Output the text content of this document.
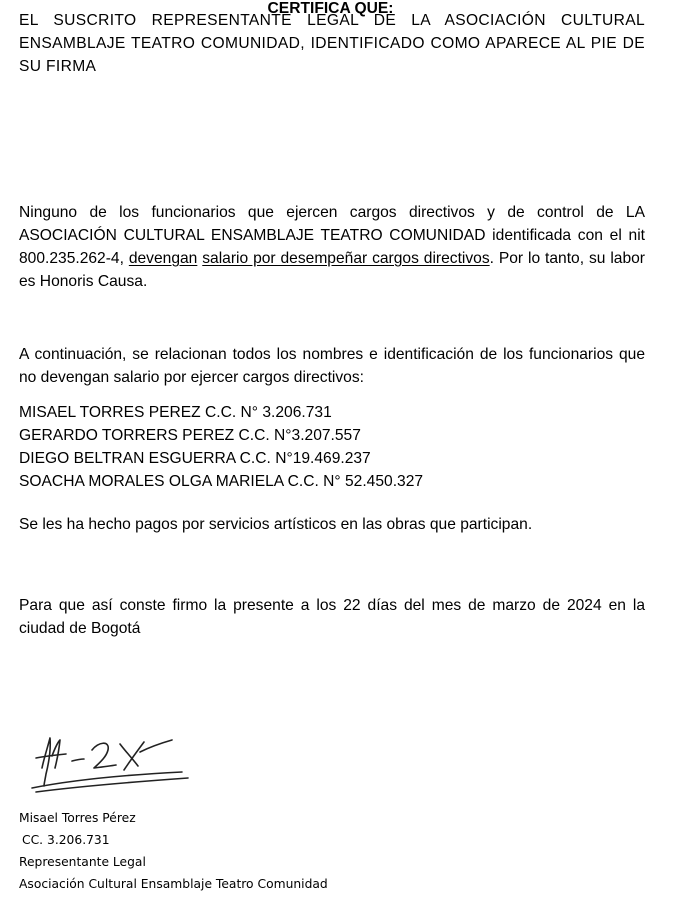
EL SUSCRITO REPRESENTANTE LEGAL DE LA ASOCIACIÓN CULTURAL ENSAMBLAJE TEATRO COMUNIDAD, IDENTIFICADO COMO APARECE AL PIE DE SU FIRMA
CERTIFICA QUE:
Ninguno de los funcionarios que ejercen cargos directivos y de control de LA ASOCIACIÓN CULTURAL ENSAMBLAJE TEATRO COMUNIDAD identificada con el nit 800.235.262-4, devengan salario por desempeñar cargos directivos. Por lo tanto, su labor es Honoris Causa.
A continuación, se relacionan todos los nombres e identificación de los funcionarios que no devengan salario por ejercer cargos directivos:
MISAEL TORRES PEREZ C.C. N° 3.206.731
GERARDO TORRERS PEREZ C.C. N°3.207.557
DIEGO BELTRAN ESGUERRA C.C. N°19.469.237
SOACHA MORALES OLGA MARIELA C.C. N° 52.450.327
Se les ha hecho pagos por servicios artísticos en las obras que participan.
Para que así conste firmo la presente a los 22 días del mes de marzo de 2024 en la ciudad de Bogotá
Misael Torres Pérez
CC. 3.206.731
Representante Legal
Asociación Cultural Ensamblaje Teatro Comunidad
